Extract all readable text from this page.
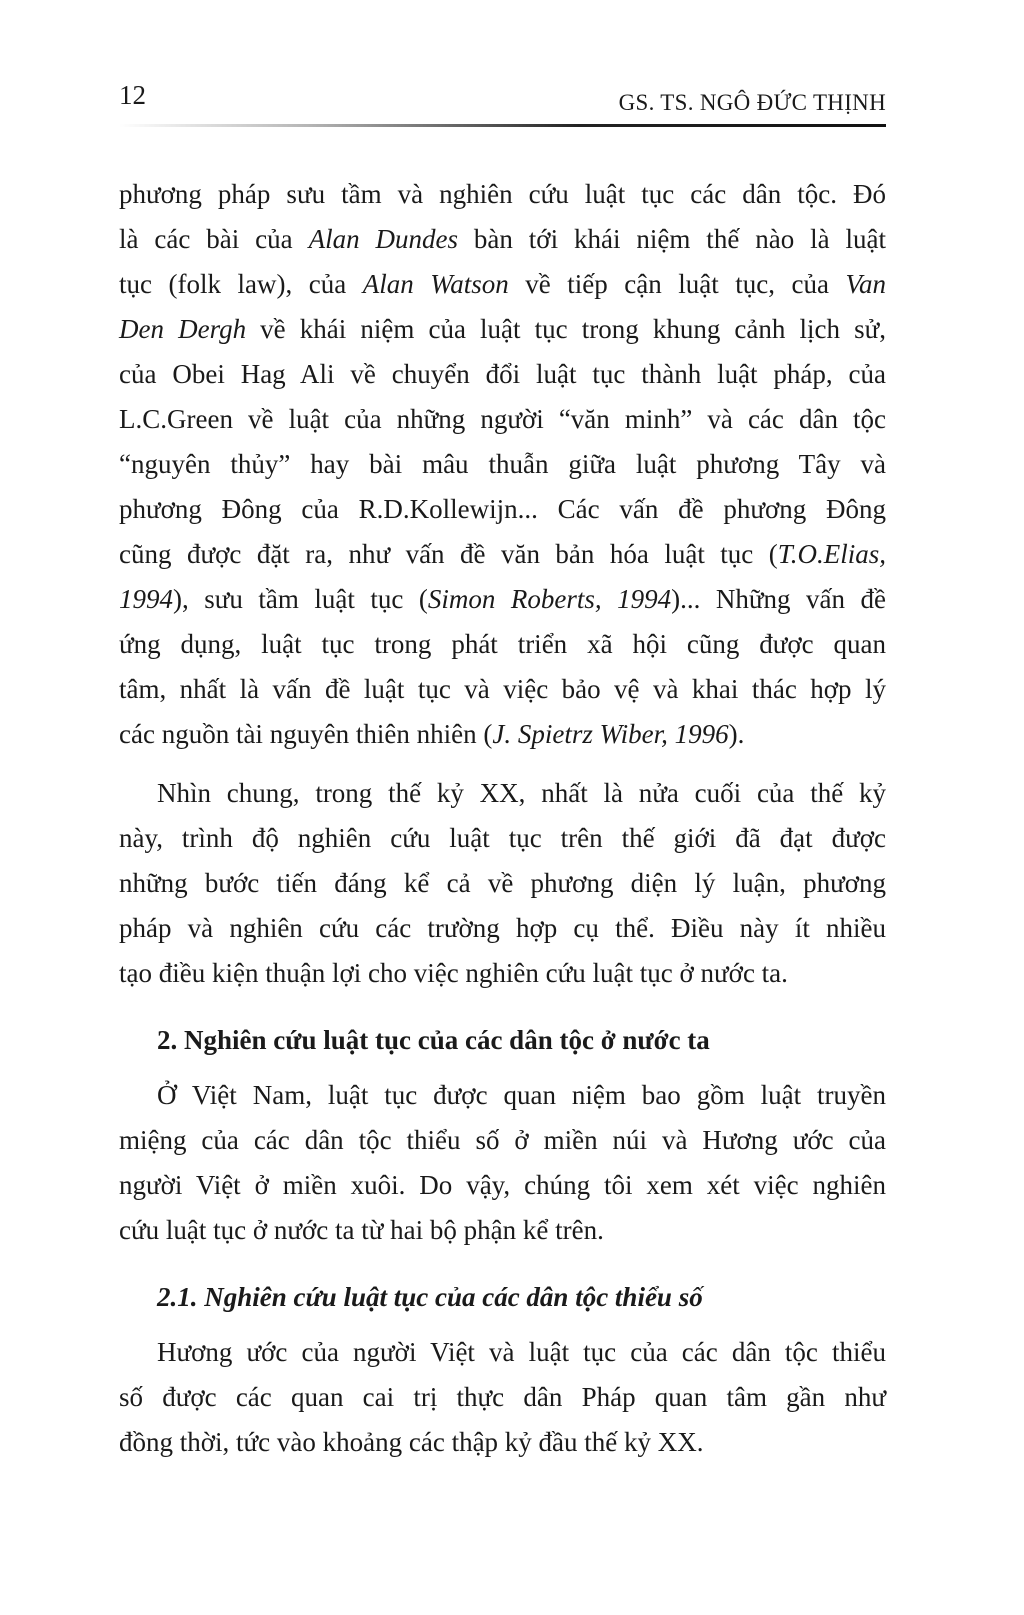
12	GS. TS. NGÔ ĐỨC THỊNH
phương pháp sưu tầm và nghiên cứu luật tục các dân tộc. Đó
là các bài của Alan Dundes bàn tới khái niệm thế nào là luật
tục (folk law), của Alan Watson về tiếp cận luật tục, của Van
Den Dergh về khái niệm của luật tục trong khung cảnh lịch sử,
của Obei Hag Ali về chuyển đổi luật tục thành luật pháp, của
L.C.Green về luật của những người “văn minh” và các dân tộc
“nguyên thủy” hay bài mâu thuẫn giữa luật phương Tây và
phương Đông của R.D.Kollewijn... Các vấn đề phương Đông
cũng được đặt ra, như vấn đề văn bản hóa luật tục (T.O.Elias,
1994), sưu tầm luật tục (Simon Roberts, 1994)... Những vấn đề
ứng dụng, luật tục trong phát triển xã hội cũng được quan
tâm, nhất là vấn đề luật tục và việc bảo vệ và khai thác hợp lý
các nguồn tài nguyên thiên nhiên (J. Spietrz Wiber, 1996).
Nhìn chung, trong thế kỷ XX, nhất là nửa cuối của thế kỷ
này, trình độ nghiên cứu luật tục trên thế giới đã đạt được
những bước tiến đáng kể cả về phương diện lý luận, phương
pháp và nghiên cứu các trường hợp cụ thể. Điều này ít nhiều
tạo điều kiện thuận lợi cho việc nghiên cứu luật tục ở nước ta.
2. Nghiên cứu luật tục của các dân tộc ở nước ta
Ở Việt Nam, luật tục được quan niệm bao gồm luật truyền
miệng của các dân tộc thiểu số ở miền núi và Hương ước của
người Việt ở miền xuôi. Do vậy, chúng tôi xem xét việc nghiên
cứu luật tục ở nước ta từ hai bộ phận kể trên.
2.1. Nghiên cứu luật tục của các dân tộc thiểu số
Hương ước của người Việt và luật tục của các dân tộc thiểu
số được các quan cai trị thực dân Pháp quan tâm gần như
đồng thời, tức vào khoảng các thập kỷ đầu thế kỷ XX.
